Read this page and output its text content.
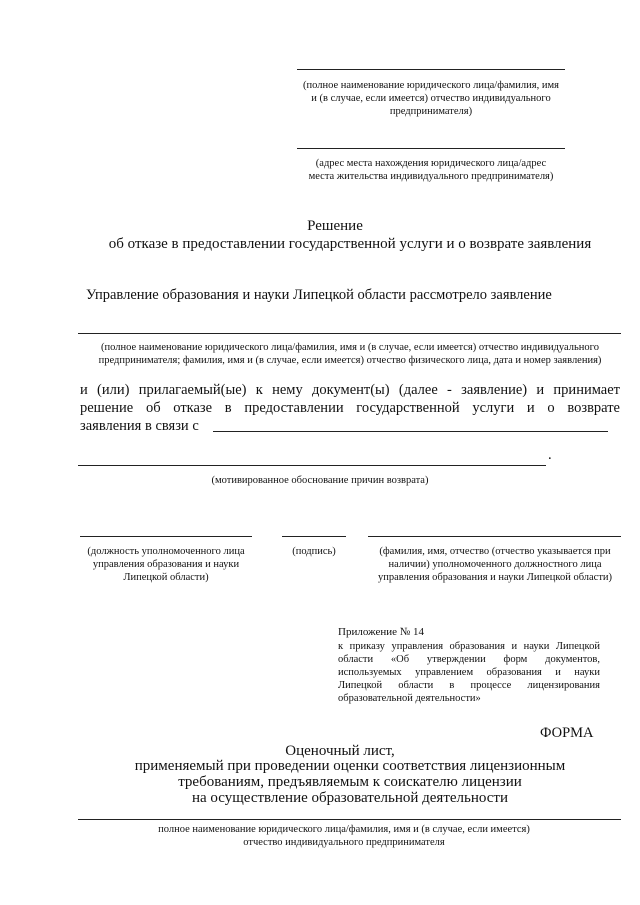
(полное наименование юридического лица/фамилия, имя и (в случае, если имеется) отчество индивидуального предпринимателя)
(адрес места нахождения юридического лица/адрес места жительства индивидуального предпринимателя)
Решение
об отказе в предоставлении государственной услуги и о возврате заявления
Управление образования и науки Липецкой области рассмотрело заявление
(полное наименование юридического лица/фамилия, имя и (в случае, если имеется) отчество индивидуального предпринимателя; фамилия, имя и (в случае, если имеется) отчество физического лица, дата и номер заявления)
и (или) прилагаемый(ые) к нему документ(ы) (далее - заявление) и принимает
решение об отказе в предоставлении государственной услуги и о возврате
заявления в связи с
.
(мотивированное обоснование причин возврата)
(должность уполномоченного лица управления образования и науки Липецкой области)
(подпись)	(фамилия, имя, отчество (отчество указывается при наличии) уполномоченного должностного лица управления образования и науки Липецкой области)
Приложение № 14
к приказу управления образования и науки Липецкой области «Об утверждении форм документов, используемых управлением образования и науки Липецкой области в процессе лицензирования образовательной деятельности»
ФОРМА
Оценочный лист,
применяемый при проведении оценки соответствия лицензионным
требованиям, предъявляемым к соискателю лицензии
на осуществление образовательной деятельности
полное наименование юридического лица/фамилия, имя и (в случае, если имеется) отчество индивидуального предпринимателя
